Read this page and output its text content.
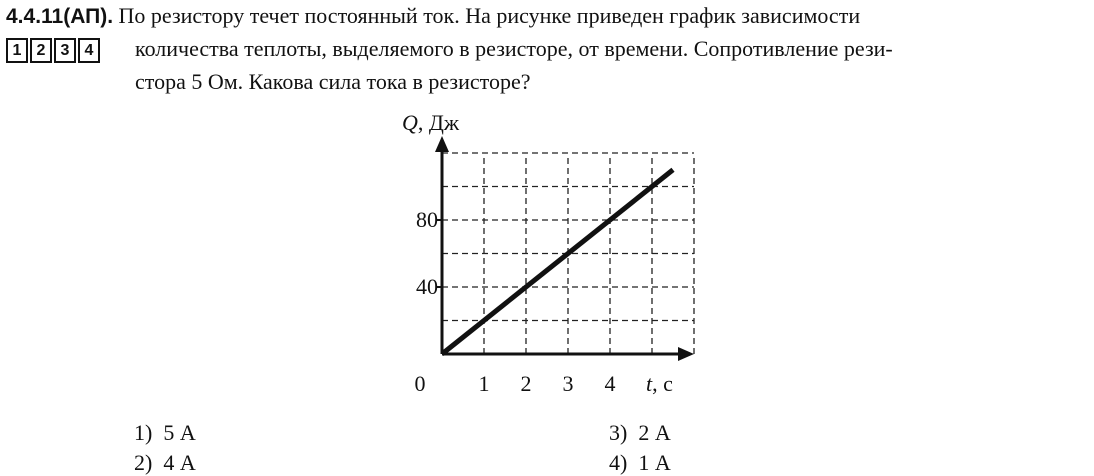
4.4.11(АП). По резистору течет постоянный ток. На рисунке приведен график зависимости
количества теплоты, выделяемого в резисторе, от времени. Сопротивление рези-
стора 5 Ом. Какова сила тока в резисторе?
1 2 3 4
1 2 3 4
40
80
0	t, с
Q, Дж
1) 5 А
2) 4 А
3) 2 А
4) 1 А
